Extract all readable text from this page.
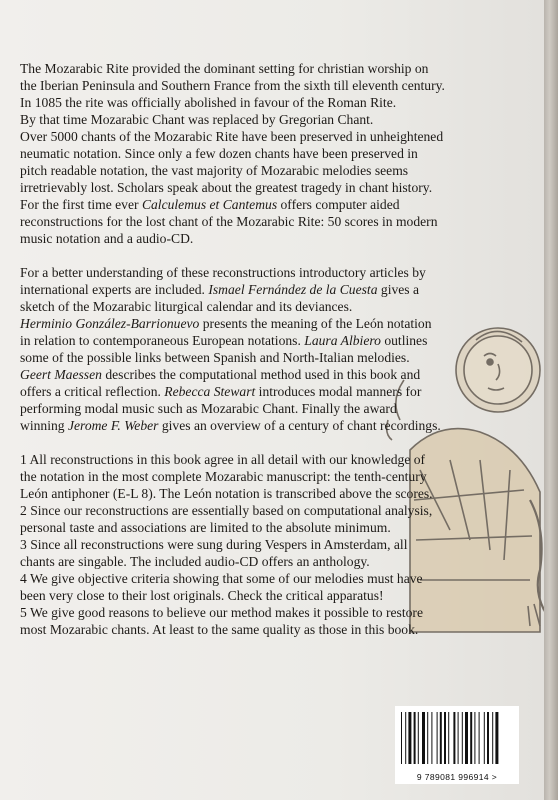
The Mozarabic Rite provided the dominant setting for christian worship on
the Iberian Peninsula and Southern France from the sixth till eleventh century.
In 1085 the rite was officially abolished in favour of the Roman Rite.
By that time Mozarabic Chant was replaced by Gregorian Chant.
Over 5000 chants of the Mozarabic Rite have been preserved in unheightened
neumatic notation. Since only a few dozen chants have been preserved in
pitch readable notation, the vast majority of Mozarabic melodies seems
irretrievably lost. Scholars speak about the greatest tragedy in chant history.
For the first time ever Calculemus et Cantemus offers computer aided
reconstructions for the lost chant of the Mozarabic Rite: 50 scores in modern
music notation and a audio-CD.

For a better understanding of these reconstructions introductory articles by
international experts are included. Ismael Fernández de la Cuesta gives a
sketch of the Mozarabic liturgical calendar and its deviances.
Herminio González-Barrionuevo presents the meaning of the León notation
in relation to contemporaneous European notations. Laura Albiero outlines
some of the possible links between Spanish and North-Italian melodies.
Geert Maessen describes the computational method used in this book and
offers a critical reflection. Rebecca Stewart introduces modal manners for
performing modal music such as Mozarabic Chant. Finally the award
winning Jerome F. Weber gives an overview of a century of chant recordings.

1 All reconstructions in this book agree in all detail with our knowledge of
the notation in the most complete Mozarabic manuscript: the tenth-century
León antiphoner (E-L 8). The León notation is transcribed above the scores.
2 Since our reconstructions are essentially based on computational analysis,
personal taste and associations are limited to the absolute minimum.
3 Since all reconstructions were sung during Vespers in Amsterdam, all
chants are singable. The included audio-CD offers an anthology.
4 We give objective criteria showing that some of our melodies must have
been very close to their lost originals. Check the critical apparatus!
5 We give good reasons to believe our method makes it possible to restore
most Mozarabic chants. At least to the same quality as those in this book.

9 789081 996914 >
